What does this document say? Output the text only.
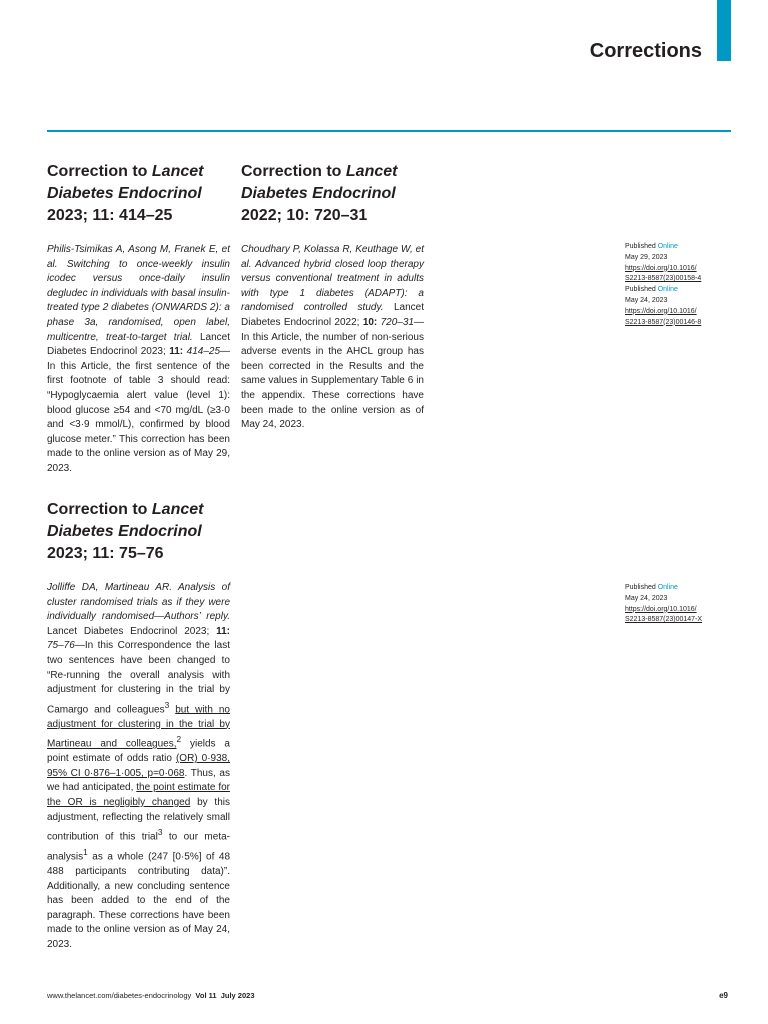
Corrections
Correction to Lancet Diabetes Endocrinol
2023; 11: 414–25

Philis-Tsimikas A, Asong M, Franek E, et al. Switching to once-weekly insulin icodec versus once-daily insulin degludec in individuals with basal insulin-treated type 2 diabetes (ONWARDS 2): a phase 3a, randomised, open label, multicentre, treat-to-target trial. Lancet Diabetes Endocrinol 2023; 11: 414–25—In this Article, the first sentence of the first footnote of table 3 should read: “Hypoglycaemia alert value (level 1): blood glucose ≥54 and <70 mg/dL (≥3·0 and <3·9 mmol/L), confirmed by blood glucose meter.” This correction has been made to the online version as of May 29, 2023.

Correction to Lancet Diabetes Endocrinol
2022; 10: 720–31

Choudhary P, Kolassa R, Keuthage W, et al. Advanced hybrid closed loop therapy versus conventional treatment in adults with type 1 diabetes (ADAPT): a randomised controlled study. Lancet Diabetes Endocrinol 2022; 10: 720–31—In this Article, the number of non-serious adverse events in the AHCL group has been corrected in the Results and the same values in Supplementary Table 6 in the appendix. These corrections have been made to the online version as of May 24, 2023.

Correction to Lancet Diabetes Endocrinol
2023; 11: 75–76

Jolliffe DA, Martineau AR. Analysis of cluster randomised trials as if they were individually randomised—Authors’ reply. Lancet Diabetes Endocrinol 2023; 11: 75–76—In this Correspondence the last two sentences have been changed to “Re-running the overall analysis with adjustment for clustering in the trial by Camargo and colleagues$^3$ but with no adjustment for clustering in the trial by Martineau and colleagues,$^2$ yields a point estimate of odds ratio (OR) 0·938, 95% CI 0·876–1·005, p=0·068. Thus, as we had anticipated, the point estimate for the OR is negligibly changed by this adjustment, reflecting the relatively small contribution of this trial$^3$ to our meta-analysis$^1$ as a whole (247 [0·5%] of 48 488 participants contributing data)”. Additionally, a new concluding sentence has been added to the end of the paragraph. These corrections have been made to the online version as of May 24, 2023.

Published Online
May 29, 2023
https://doi.org/10.1016/
S2213-8587(23)00158-4
Published Online
May 24, 2023
https://doi.org/10.1016/
S2213-8587(23)00146-8
Published Online
May 24, 2023
https://doi.org/10.1016/
S2213-8587(23)00147-X
www.thelancet.com/diabetes-endocrinology Vol 11 July 2023	e9
